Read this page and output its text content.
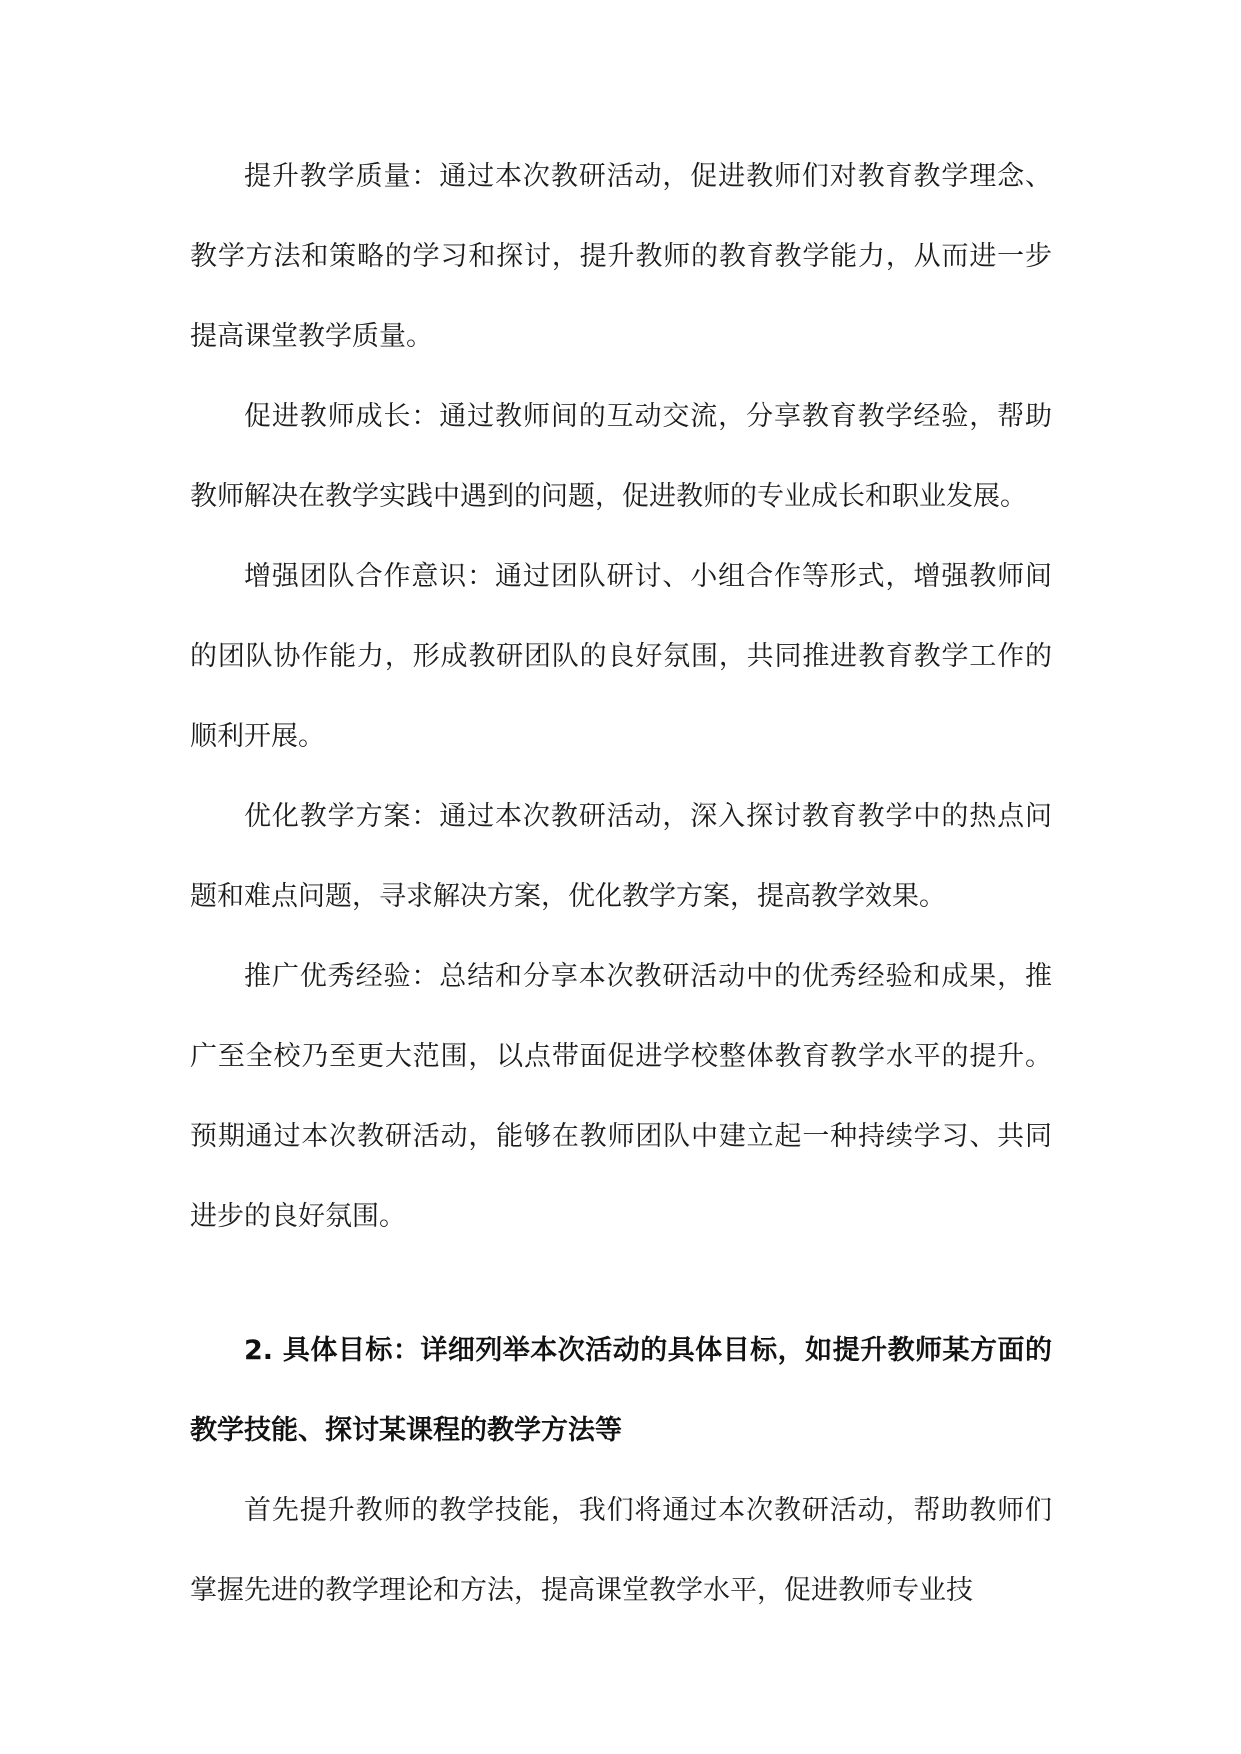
提升教学质量：通过本次教研活动，促进教师们对教育教学理念、教学方法和策略的学习和探讨，提升教师的教育教学能力，从而进一步提高课堂教学质量。

促进教师成长：通过教师间的互动交流，分享教育教学经验，帮助教师解决在教学实践中遇到的问题，促进教师的专业成长和职业发展。

增强团队合作意识：通过团队研讨、小组合作等形式，增强教师间的团队协作能力，形成教研团队的良好氛围，共同推进教育教学工作的顺利开展。

优化教学方案：通过本次教研活动，深入探讨教育教学中的热点问题和难点问题，寻求解决方案，优化教学方案，提高教学效果。

推广优秀经验：总结和分享本次教研活动中的优秀经验和成果，推广至全校乃至更大范围，以点带面促进学校整体教育教学水平的提升。预期通过本次教研活动，能够在教师团队中建立起一种持续学习、共同进步的良好氛围。

2. 具体目标：详细列举本次活动的具体目标，如提升教师某方面的教学技能、探讨某课程的教学方法等

首先提升教师的教学技能，我们将通过本次教研活动，帮助教师们掌握先进的教学理论和方法，提高课堂教学水平，促进教师专业技
